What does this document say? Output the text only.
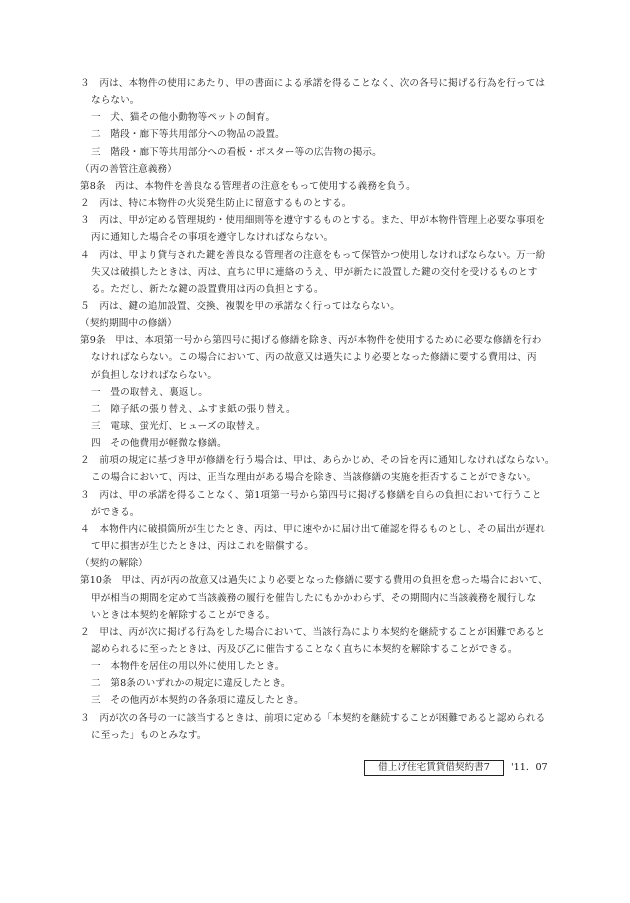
３　丙は、本物件の使用にあたり、甲の書面による承諾を得ることなく、次の各号に掲げる行為を行っては
ならない。
一　犬、猫その他小動物等ペットの飼育。
二　階段・廊下等共用部分への物品の設置。
三　階段・廊下等共用部分への看板・ポスター等の広告物の掲示。
（丙の善管注意義務）
第8条　丙は、本物件を善良なる管理者の注意をもって使用する義務を負う。
２　丙は、特に本物件の火災発生防止に留意するものとする。
３　丙は、甲が定める管理規約・使用細則等を遵守するものとする。また、甲が本物件管理上必要な事項を
丙に通知した場合その事項を遵守しなければならない。
４　丙は、甲より貸与された鍵を善良なる管理者の注意をもって保管かつ使用しなければならない。万一紛
失又は破損したときは、丙は、直ちに甲に連絡のうえ、甲が新たに設置した鍵の交付を受けるものとす
る。ただし、新たな鍵の設置費用は丙の負担とする。
５　丙は、鍵の追加設置、交換、複製を甲の承諾なく行ってはならない。
（契約期間中の修繕）
第9条　甲は、本項第一号から第四号に掲げる修繕を除き、丙が本物件を使用するために必要な修繕を行わ
なければならない。この場合において、丙の故意又は過失により必要となった修繕に要する費用は、丙
が負担しなければならない。
一　畳の取替え、裏返し。
二　障子紙の張り替え、ふすま紙の張り替え。
三　電球、蛍光灯、ヒューズの取替え。
四　その他費用が軽微な修繕。
２　前項の規定に基づき甲が修繕を行う場合は、甲は、あらかじめ、その旨を丙に通知しなければならない。
この場合において、丙は、正当な理由がある場合を除き、当該修繕の実施を拒否することができない。
３　丙は、甲の承諾を得ることなく、第1項第一号から第四号に掲げる修繕を自らの負担において行うこと
ができる。
４　本物件内に破損箇所が生じたとき、丙は、甲に速やかに届け出て確認を得るものとし、その届出が遅れ
て甲に損害が生じたときは、丙はこれを賠償する。
（契約の解除）
第10条　甲は、丙が丙の故意又は過失により必要となった修繕に要する費用の負担を怠った場合において、
甲が相当の期間を定めて当該義務の履行を催告したにもかかわらず、その期間内に当該義務を履行しな
いときは本契約を解除することができる。
２　甲は、丙が次に掲げる行為をした場合において、当該行為により本契約を継続することが困難であると
認められるに至ったときは、丙及び乙に催告することなく直ちに本契約を解除することができる。
一　本物件を居住の用以外に使用したとき。
二　第8条のいずれかの規定に違反したとき。
三　その他丙が本契約の各条項に違反したとき。
３　丙が次の各号の一に該当するときは、前項に定める「本契約を継続することが困難であると認められる
に至った」ものとみなす。
借上げ住宅賃貸借契約書7	'11．07
